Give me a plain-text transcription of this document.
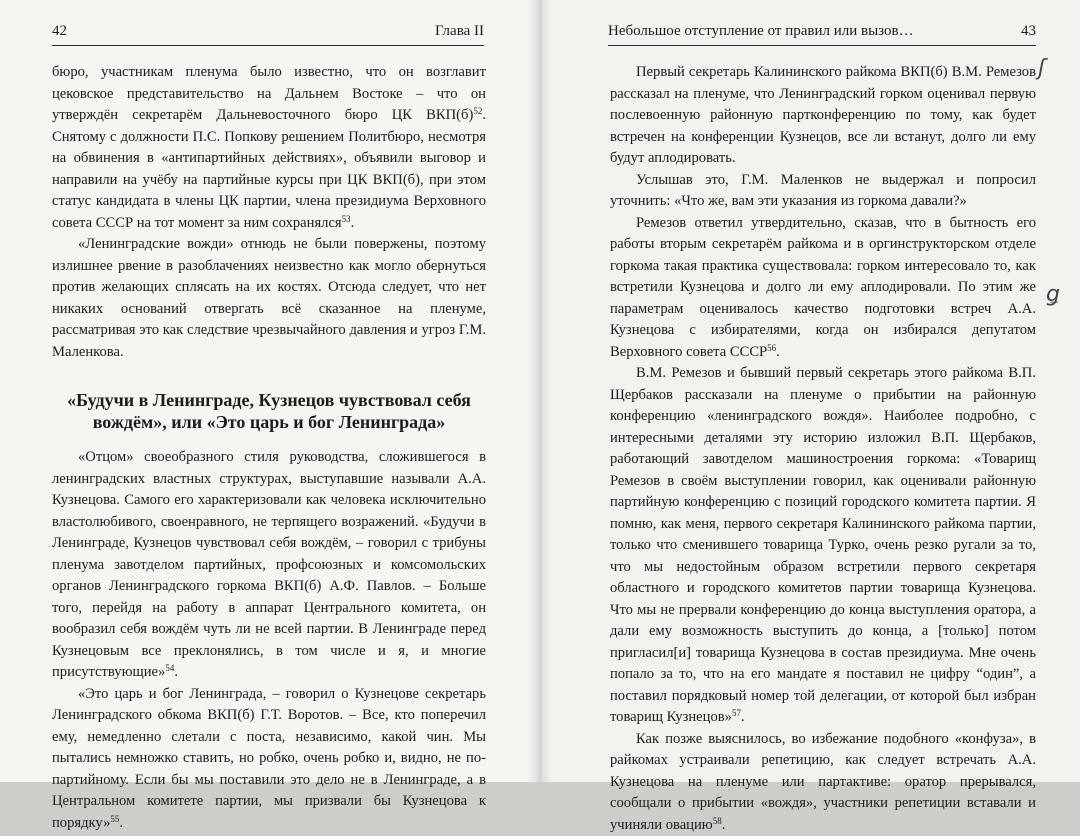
42	Глава II

бюро, участникам пленума было известно, что он возглавит цековское представительство на Дальнем Востоке – что он утверждён секретарём Дальневосточного бюро ЦК $ВКП(б)^{52}$. Снятому с должности П.С. Попкову решением Политбюро, несмотря на обвинения в «антипартийных действиях», объявили выговор и направили на учёбу на партийные курсы при ЦК ВКП(б), при этом статус кандидата в члены ЦК партии, члена президиума Верховного совета СССР на тот момент за ним сохранялся$^{53}$.

«Ленинградские вожди» отнюдь не были повержены, поэтому излишнее рвение в разоблачениях неизвестно как могло обернуться против желающих сплясать на их костях. Отсюда следует, что нет никаких оснований отвергать всё сказанное на пленуме, рассматривая это как следствие чрезвычайного давления и угроз Г.М. Маленкова.

«Будучи в Ленинграде, Кузнецов чувствовал себя вождём», или «Это царь и бог Ленинграда»

«Отцом» своеобразного стиля руководства, сложившегося в ленинградских властных структурах, выступавшие называли А.А. Кузнецова. Самого его характеризовали как человека исключительно властолюбивого, своенравного, не терпящего возражений. «Будучи в Ленинграде, Кузнецов чувствовал себя вождём, – говорил с трибуны пленума завотделом партийных, профсоюзных и комсомольских органов Ленинградского горкома ВКП(б) А.Ф. Павлов. – Больше того, перейдя на работу в аппарат Центрального комитета, он вообразил себя вождём чуть ли не всей партии. В Ленинграде перед Кузнецовым все преклонялись, в том числе и я, и многие присутствующие»$^{54}$.

«Это царь и бог Ленинграда, – говорил о Кузнецове секретарь Ленинградского обкома ВКП(б) Г.Т. Воротов. – Все, кто поперечил ему, немедленно слетали с поста, независимо, какой чин. Мы пытались немножко ставить, но робко, очень робко и, видно, не по-партийному. Если бы мы поставили это дело не в Ленинграде, а в Центральном комитете партии, мы призвали бы Кузнецова к порядку»$^{55}$.

Небольшое отступление от правил или вызов…	43

Первый секретарь Калининского райкома ВКП(б) В.М. Ремезов рассказал на пленуме, что Ленинградский горком оценивал первую послевоенную районную партконференцию по тому, как будет встречен на конференции Кузнецов, все ли встанут, долго ли ему будут аплодировать.

Услышав это, Г.М. Маленков не выдержал и попросил уточнить: «Что же, вам эти указания из горкома давали?»

Ремезов ответил утвердительно, сказав, что в бытность его работы вторым секретарём райкома и в оргинструкторском отделе горкома такая практика существовала: горком интересовало то, как встретили Кузнецова и долго ли ему аплодировали. По этим же параметрам оценивалось качество подготовки встреч А.А. Кузнецова с избирателями, когда он избирался депутатом Верховного совета СССР$^{56}$.

В.М. Ремезов и бывший первый секретарь этого райкома В.П. Щербаков рассказали на пленуме о прибытии на районную конференцию «ленинградского вождя». Наиболее подробно, с интересными деталями эту историю изложил В.П. Щербаков, работающий завотделом машиностроения горкома: «Товарищ Ремезов в своём выступлении говорил, как оценивали районную партийную конференцию с позиций городского комитета партии. Я помню, как меня, первого секретаря Калининского райкома партии, только что сменившего товарища Турко, очень резко ругали за то, что мы недостойным образом встретили первого секретаря областного и городского комитетов партии товарища Кузнецова. Что мы не прервали конференцию до конца выступления оратора, а дали ему возможность выступить до конца, а [только] потом пригласил[и] товарища Кузнецова в состав президиума. Мне очень попало за то, что на его мандате я поставил не цифру “один”, а поставил порядковый номер той делегации, от которой был избран товарищ Кузнецов»$^{57}$.

Как позже выяснилось, во избежание подобного «конфуза», в райкомах устраивали репетицию, как следует встречать А.А. Кузнецова на пленуме или партактиве: оратор прерывался, сообщали о прибытии «вождя», участники репетиции вставали и учиняли овацию$^{58}$.

ʃ
ǥ
